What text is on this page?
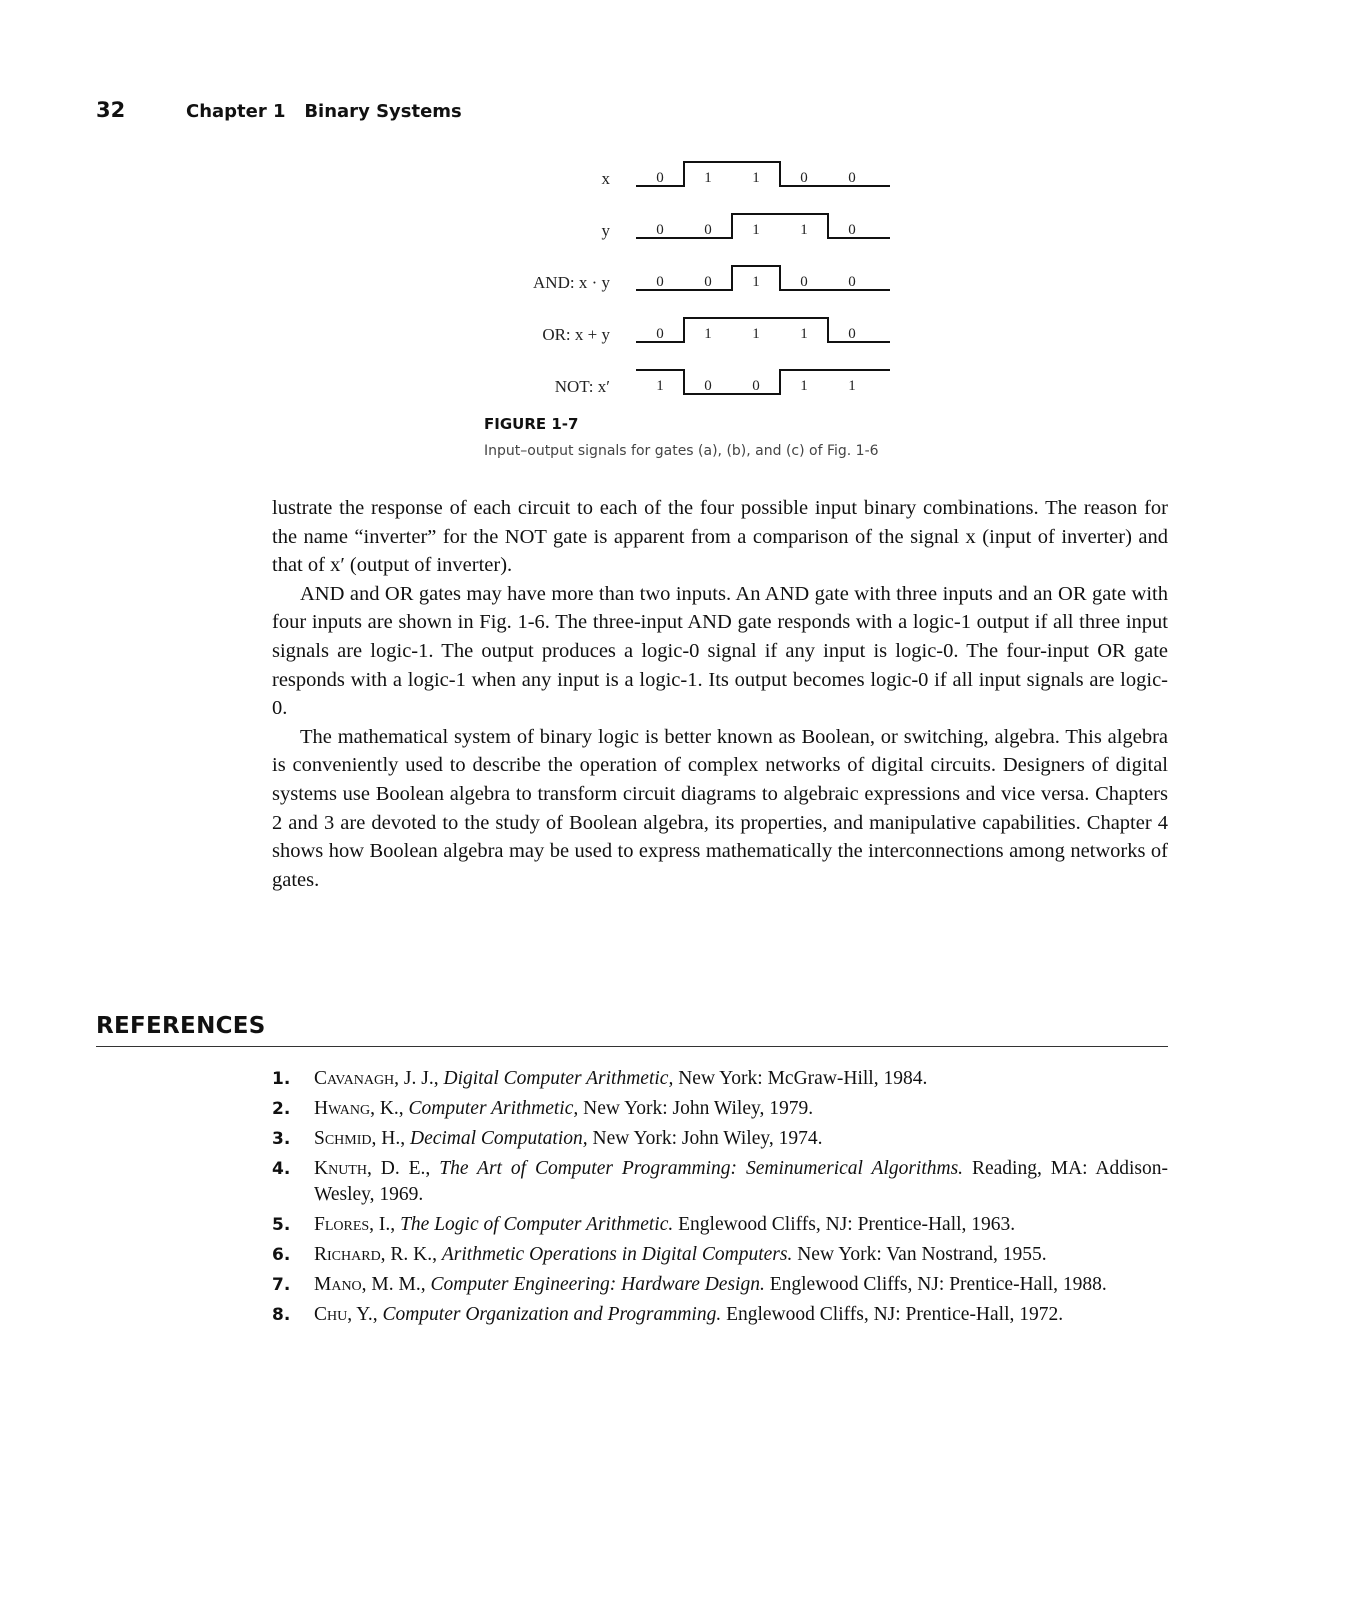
32	Chapter 1   Binary Systems
x	0	1	1	0	0
y	0	0	1	1	0
AND: x · y	0	0	1	0	0
OR: x + y	0	1	1	1	0
NOT: x′	1	0	0	1	1
FIGURE 1-7
Input–output signals for gates (a), (b), and (c) of Fig. 1-6

lustrate the response of each circuit to each of the four possible input binary combinations. The reason for the name “inverter” for the NOT gate is apparent from a comparison of the signal x (input of inverter) and that of x′ (output of inverter).

AND and OR gates may have more than two inputs. An AND gate with three inputs and an OR gate with four inputs are shown in Fig. 1-6. The three-input AND gate responds with a logic-1 output if all three input signals are logic-1. The output produces a logic-0 signal if any input is logic-0. The four-input OR gate responds with a logic-1 when any input is a logic-1. Its output becomes logic-0 if all input signals are logic-0.

The mathematical system of binary logic is better known as Boolean, or switching, algebra. This algebra is conveniently used to describe the operation of complex networks of digital circuits. Designers of digital systems use Boolean algebra to transform circuit diagrams to algebraic expressions and vice versa. Chapters 2 and 3 are devoted to the study of Boolean algebra, its properties, and manipulative capabilities. Chapter 4 shows how Boolean algebra may be used to express mathematically the interconnections among networks of gates.

REFERENCES
1. Cavanagh, J. J., Digital Computer Arithmetic, New York: McGraw-Hill, 1984.
2. Hwang, K., Computer Arithmetic, New York: John Wiley, 1979.
3. Schmid, H., Decimal Computation, New York: John Wiley, 1974.
4. Knuth, D. E., The Art of Computer Programming: Seminumerical Algorithms. Reading, MA: Addison-Wesley, 1969.
5. Flores, I., The Logic of Computer Arithmetic. Englewood Cliffs, NJ: Prentice-Hall, 1963.
6. Richard, R. K., Arithmetic Operations in Digital Computers. New York: Van Nostrand, 1955.
7. Mano, M. M., Computer Engineering: Hardware Design. Englewood Cliffs, NJ: Prentice-Hall, 1988.
8. Chu, Y., Computer Organization and Programming. Englewood Cliffs, NJ: Prentice-Hall, 1972.
